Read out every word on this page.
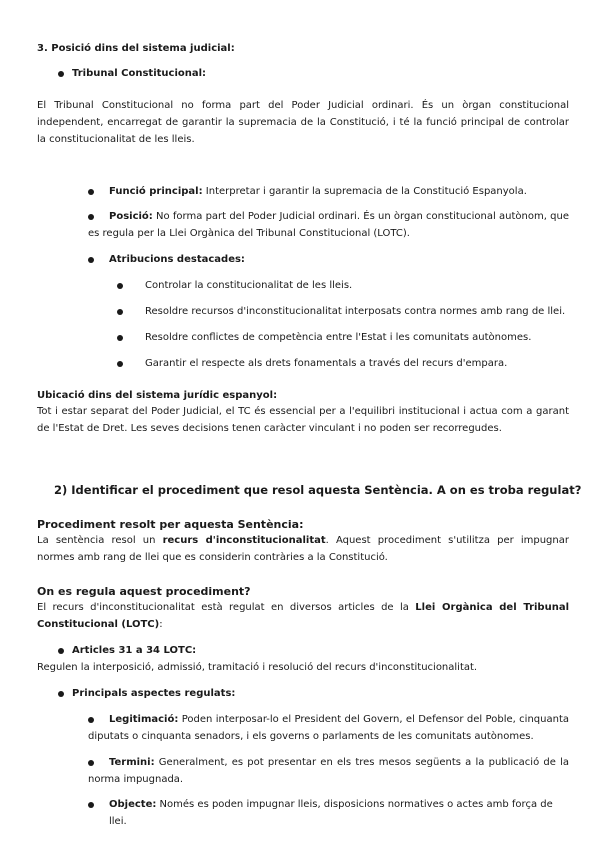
3. Posició dins del sistema judicial:

Tribunal Constitucional:

El Tribunal Constitucional no forma part del Poder Judicial ordinari. És un òrgan constitucional independent, encarregat de garantir la supremacia de la Constitució, i té la funció principal de controlar la constitucionalitat de les lleis.

Funció principal: Interpretar i garantir la supremacia de la Constitució Espanyola.

Posició: No forma part del Poder Judicial ordinari. És un òrgan constitucional autònom, que es regula per la Llei Orgànica del Tribunal Constitucional (LOTC).

Atribucions destacades:

Controlar la constitucionalitat de les lleis.

Resoldre recursos d'inconstitucionalitat interposats contra normes amb rang de llei.

Resoldre conflictes de competència entre l'Estat i les comunitats autònomes.

Garantir el respecte als drets fonamentals a través del recurs d'empara.

Ubicació dins del sistema jurídic espanyol:

Tot i estar separat del Poder Judicial, el TC és essencial per a l'equilibri institucional i actua com a garant de l'Estat de Dret. Les seves decisions tenen caràcter vinculant i no poden ser recorregudes.

2) Identificar el procediment que resol aquesta Sentència. A on es troba regulat?

Procediment resolt per aquesta Sentència:

La sentència resol un recurs d'inconstitucionalitat. Aquest procediment s'utilitza per impugnar normes amb rang de llei que es considerin contràries a la Constitució.

On es regula aquest procediment?

El recurs d'inconstitucionalitat està regulat en diversos articles de la Llei Orgànica del Tribunal Constitucional (LOTC):

Articles 31 a 34 LOTC:

Regulen la interposició, admissió, tramitació i resolució del recurs d'inconstitucionalitat.

Principals aspectes regulats:

Legitimació: Poden interposar-lo el President del Govern, el Defensor del Poble, cinquanta diputats o cinquanta senadors, i els governs o parlaments de les comunitats autònomes.

Termini: Generalment, es pot presentar en els tres mesos següents a la publicació de la norma impugnada.

Objecte: Només es poden impugnar lleis, disposicions normatives o actes amb força de llei.
